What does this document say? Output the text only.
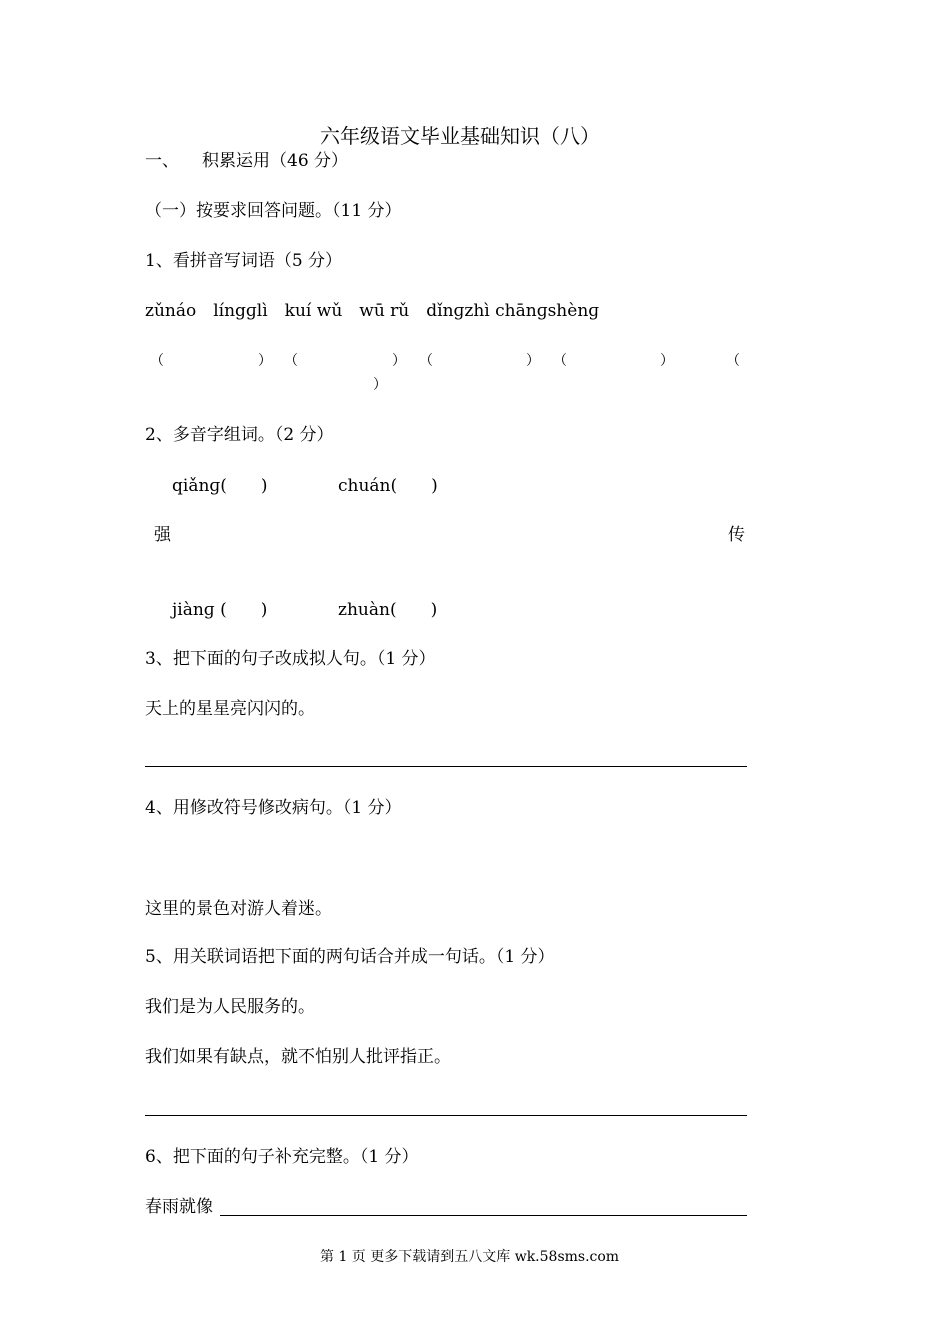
六年级语文毕业基础知识（八）
一、 积累运用（46 分）
（一）按要求回答问题。（11 分）
1、看拼音写词语（5 分）
zǔnáo　língɡlì　kuí wǔ　wū rǔ　dǐnɡzhì chānɡshènɡ
（	） （	） （	） （	）	（
）
2、多音字组词。（2 分）
qiǎnɡ(　　)	chuán(　　)
强	传
jiànɡ (　　)	zhuàn(　　)
3、把下面的句子改成拟人句。（1 分）
天上的星星亮闪闪的。
4、用修改符号修改病句。（1 分）
这里的景色对游人着迷。
5、用关联词语把下面的两句话合并成一句话。（1 分）
我们是为人民服务的。
我们如果有缺点，就不怕别人批评指正。
6、把下面的句子补充完整。（1 分）
春雨就像
第 1 页 更多下载请到五八文库 wk.58sms.com
